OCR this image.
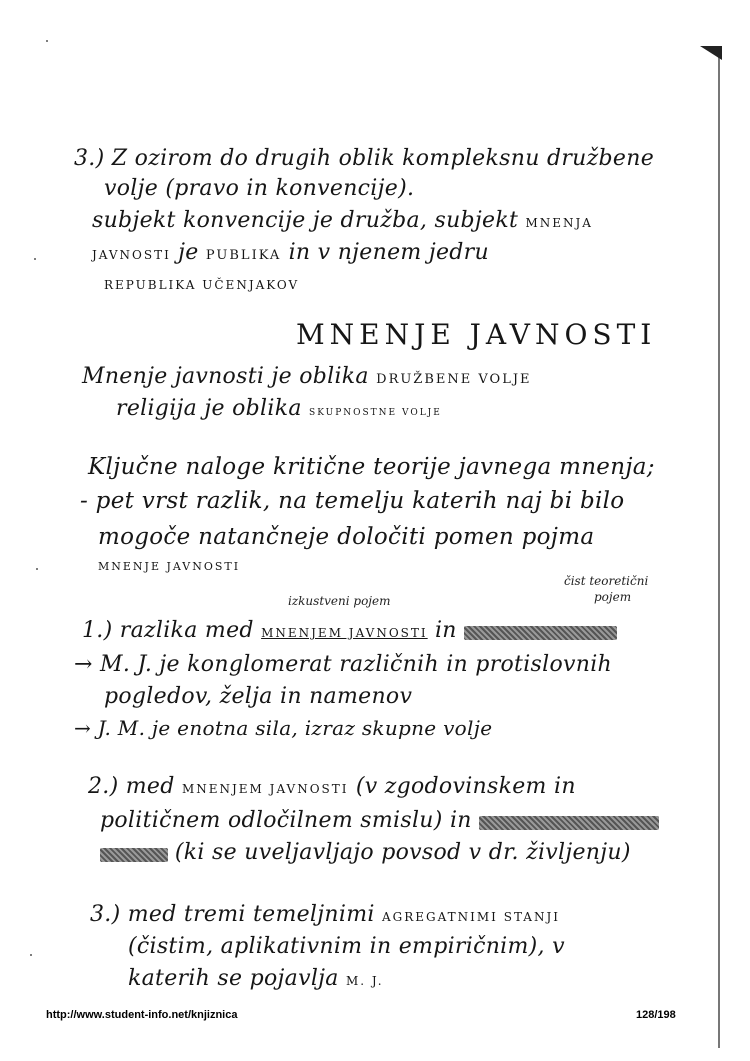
3.) Z ozirom do drugih oblik kompleksnu družbene
volje (pravo in konvencije).
subjekt konvencije je družba, subjekt MNENJA
JAVNOSTI je PUBLIKA in v njenem jedru
REPUBLIKA UČENJAKOV
MNENJE JAVNOSTI
Mnenje javnosti je oblika DRUŽBENE VOLJE
religija je oblika SKUPNOSTNE VOLJE
Ključne naloge kritične teorije javnega mnenja;
- pet vrst razlik, na temelju katerih naj bi bilo
mogoče natančneje določiti pomen pojma
MNENJE JAVNOSTI
izkustveni pojem
čist teoretični
pojem
1.) razlika med MNENJEM JAVNOSTI in
→ M. J. je konglomerat različnih in protislovnih
pogledov, želja in namenov
→ J. M. je enotna sila, izraz skupne volje
2.) med MNENJEM JAVNOSTI (v zgodovinskem in
političnem odločilnem smislu) in
(ki se uveljavljajo povsod v dr. življenju)
3.) med tremi temeljnimi AGREGATNIMI STANJI
(čistim, aplikativnim in empiričnim), v
katerih se pojavlja M. J.
http://www.student-info.net/knjiznica	128/198
